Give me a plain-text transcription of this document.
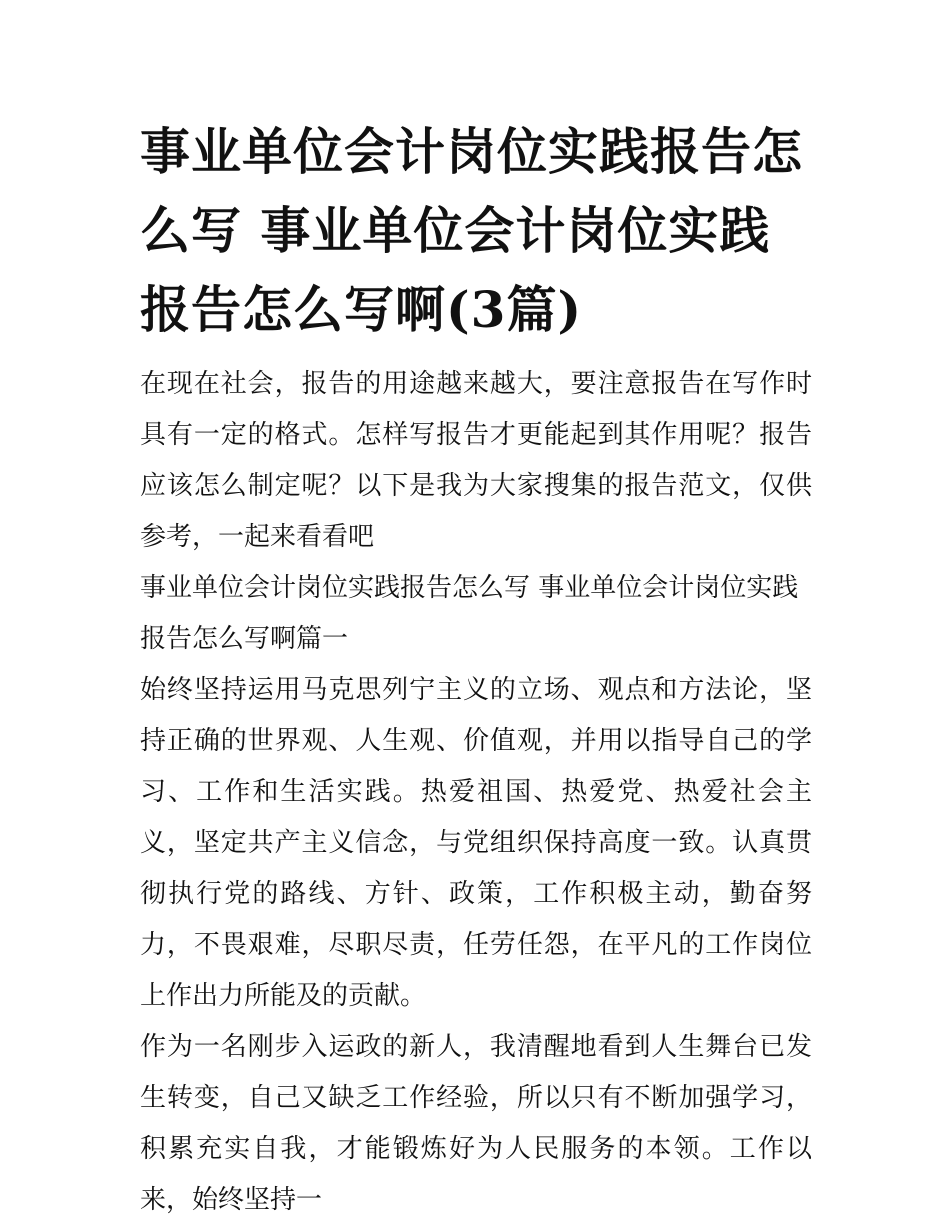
事业单位会计岗位实践报告怎么写 事业单位会计岗位实践报告怎么写啊(3篇)

在现在社会，报告的用途越来越大，要注意报告在写作时具有一定的格式。怎样写报告才更能起到其作用呢？报告应该怎么制定呢？以下是我为大家搜集的报告范文，仅供参考，一起来看看吧

事业单位会计岗位实践报告怎么写 事业单位会计岗位实践报告怎么写啊篇一

始终坚持运用马克思列宁主义的立场、观点和方法论，坚持正确的世界观、人生观、价值观，并用以指导自己的学习、工作和生活实践。热爱祖国、热爱党、热爱社会主义，坚定共产主义信念，与党组织保持高度一致。认真贯彻执行党的路线、方针、政策，工作积极主动，勤奋努力，不畏艰难，尽职尽责，任劳任怨，在平凡的工作岗位上作出力所能及的贡献。

作为一名刚步入运政的新人，我清醒地看到人生舞台已发生转变，自己又缺乏工作经验，所以只有不断加强学习，积累充实自我，才能锻炼好为人民服务的本领。工作以来，始终坚持一
